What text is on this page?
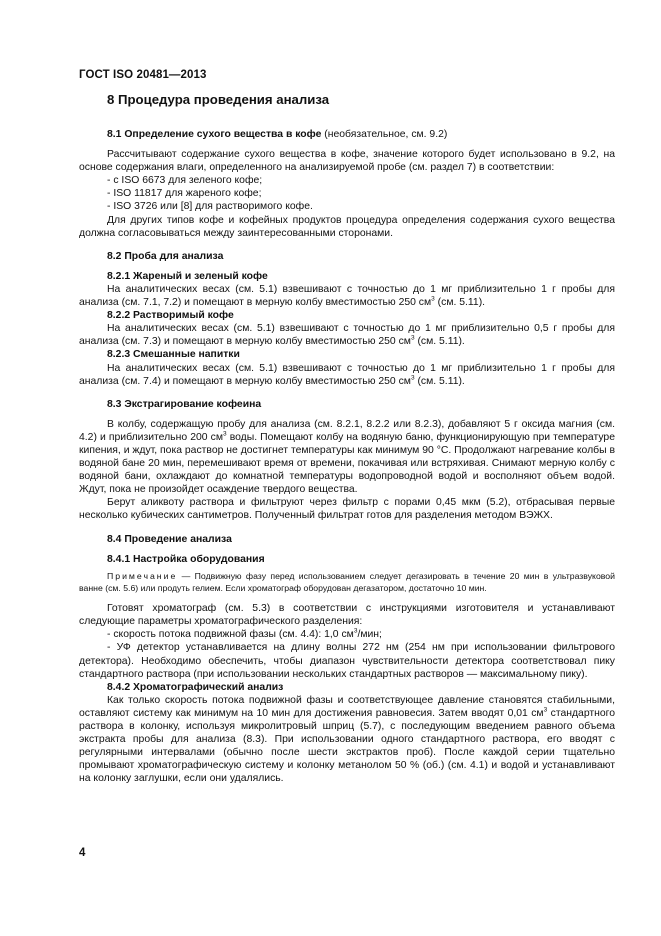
ГОСТ ISO 20481—2013

8 Процедура проведения анализа

8.1 Определение сухого вещества в кофе (необязательное, см. 9.2)

Рассчитывают содержание сухого вещества в кофе, значение которого будет использовано в 9.2, на основе содержания влаги, определенного на анализируемой пробе (см. раздел 7) в соответствии:

- с ISO 6673 для зеленого кофе;

- ISO 11817 для жареного кофе;

- ISO 3726 или [8] для растворимого кофе.

Для других типов кофе и кофейных продуктов процедура определения содержания сухого вещества должна согласовываться между заинтересованными сторонами.

8.2 Проба для анализа

8.2.1 Жареный и зеленый кофе

На аналитических весах (см. 5.1) взвешивают с точностью до 1 мг приблизительно 1 г пробы для анализа (см. 7.1, 7.2) и помещают в мерную колбу вместимостью 250 $см^3$ (см. 5.11).

8.2.2 Растворимый кофе

На аналитических весах (см. 5.1) взвешивают с точностью до 1 мг приблизительно 0,5 г пробы для анализа (см. 7.3) и помещают в мерную колбу вместимостью 250 $см^3$ (см. 5.11).

8.2.3 Смешанные напитки

На аналитических весах (см. 5.1) взвешивают с точностью до 1 мг приблизительно 1 г пробы для анализа (см. 7.4) и помещают в мерную колбу вместимостью 250 $см^3$ (см. 5.11).

8.3 Экстрагирование кофеина

В колбу, содержащую пробу для анализа (см. 8.2.1, 8.2.2 или 8.2.3), добавляют 5 г оксида магния (см. 4.2) и приблизительно 200 $см^3$ воды. Помещают колбу на водяную баню, функционирующую при температуре кипения, и ждут, пока раствор не достигнет температуры как минимум 90 °С. Продолжают нагревание колбы в водяной бане 20 мин, перемешивают время от времени, покачивая или встряхивая. Снимают мерную колбу с водяной бани, охлаждают до комнатной температуры водопроводной водой и восполняют объем водой. Ждут, пока не произойдет осаждение твердого вещества.

Берут аликвоту раствора и фильтруют через фильтр с порами 0,45 мкм (5.2), отбрасывая первые несколько кубических сантиметров. Полученный фильтрат готов для разделения методом ВЭЖХ.

8.4 Проведение анализа

8.4.1 Настройка оборудования

Примечание — Подвижную фазу перед использованием следует дегазировать в течение 20 мин в ультразвуковой ванне (см. 5.6) или продуть гелием. Если хроматограф оборудован дегазатором, достаточно 10 мин.

Готовят хроматограф (см. 5.3) в соответствии с инструкциями изготовителя и устанавливают следующие параметры хроматографического разделения:

- скорость потока подвижной фазы (см. 4.4): 1,0 $см^3$/мин;

- УФ детектор устанавливается на длину волны 272 нм (254 нм при использовании фильтрового детектора). Необходимо обеспечить, чтобы диапазон чувствительности детектора соответствовал пику стандартного раствора (при использовании нескольких стандартных растворов — максимальному пику).

8.4.2 Хроматографический анализ

Как только скорость потока подвижной фазы и соответствующее давление становятся стабильными, оставляют систему как минимум на 10 мин для достижения равновесия. Затем вводят 0,01 $см^3$ стандартного раствора в колонку, используя микролитровый шприц (5.7), с последующим введением равного объема экстракта пробы для анализа (8.3). При использовании одного стандартного раствора, его вводят с регулярными интервалами (обычно после шести экстрактов проб). После каждой серии тщательно промывают хроматографическую систему и колонку метанолом 50 % (об.) (см. 4.1) и водой и устанавливают на колонку заглушки, если они удалялись.

4
